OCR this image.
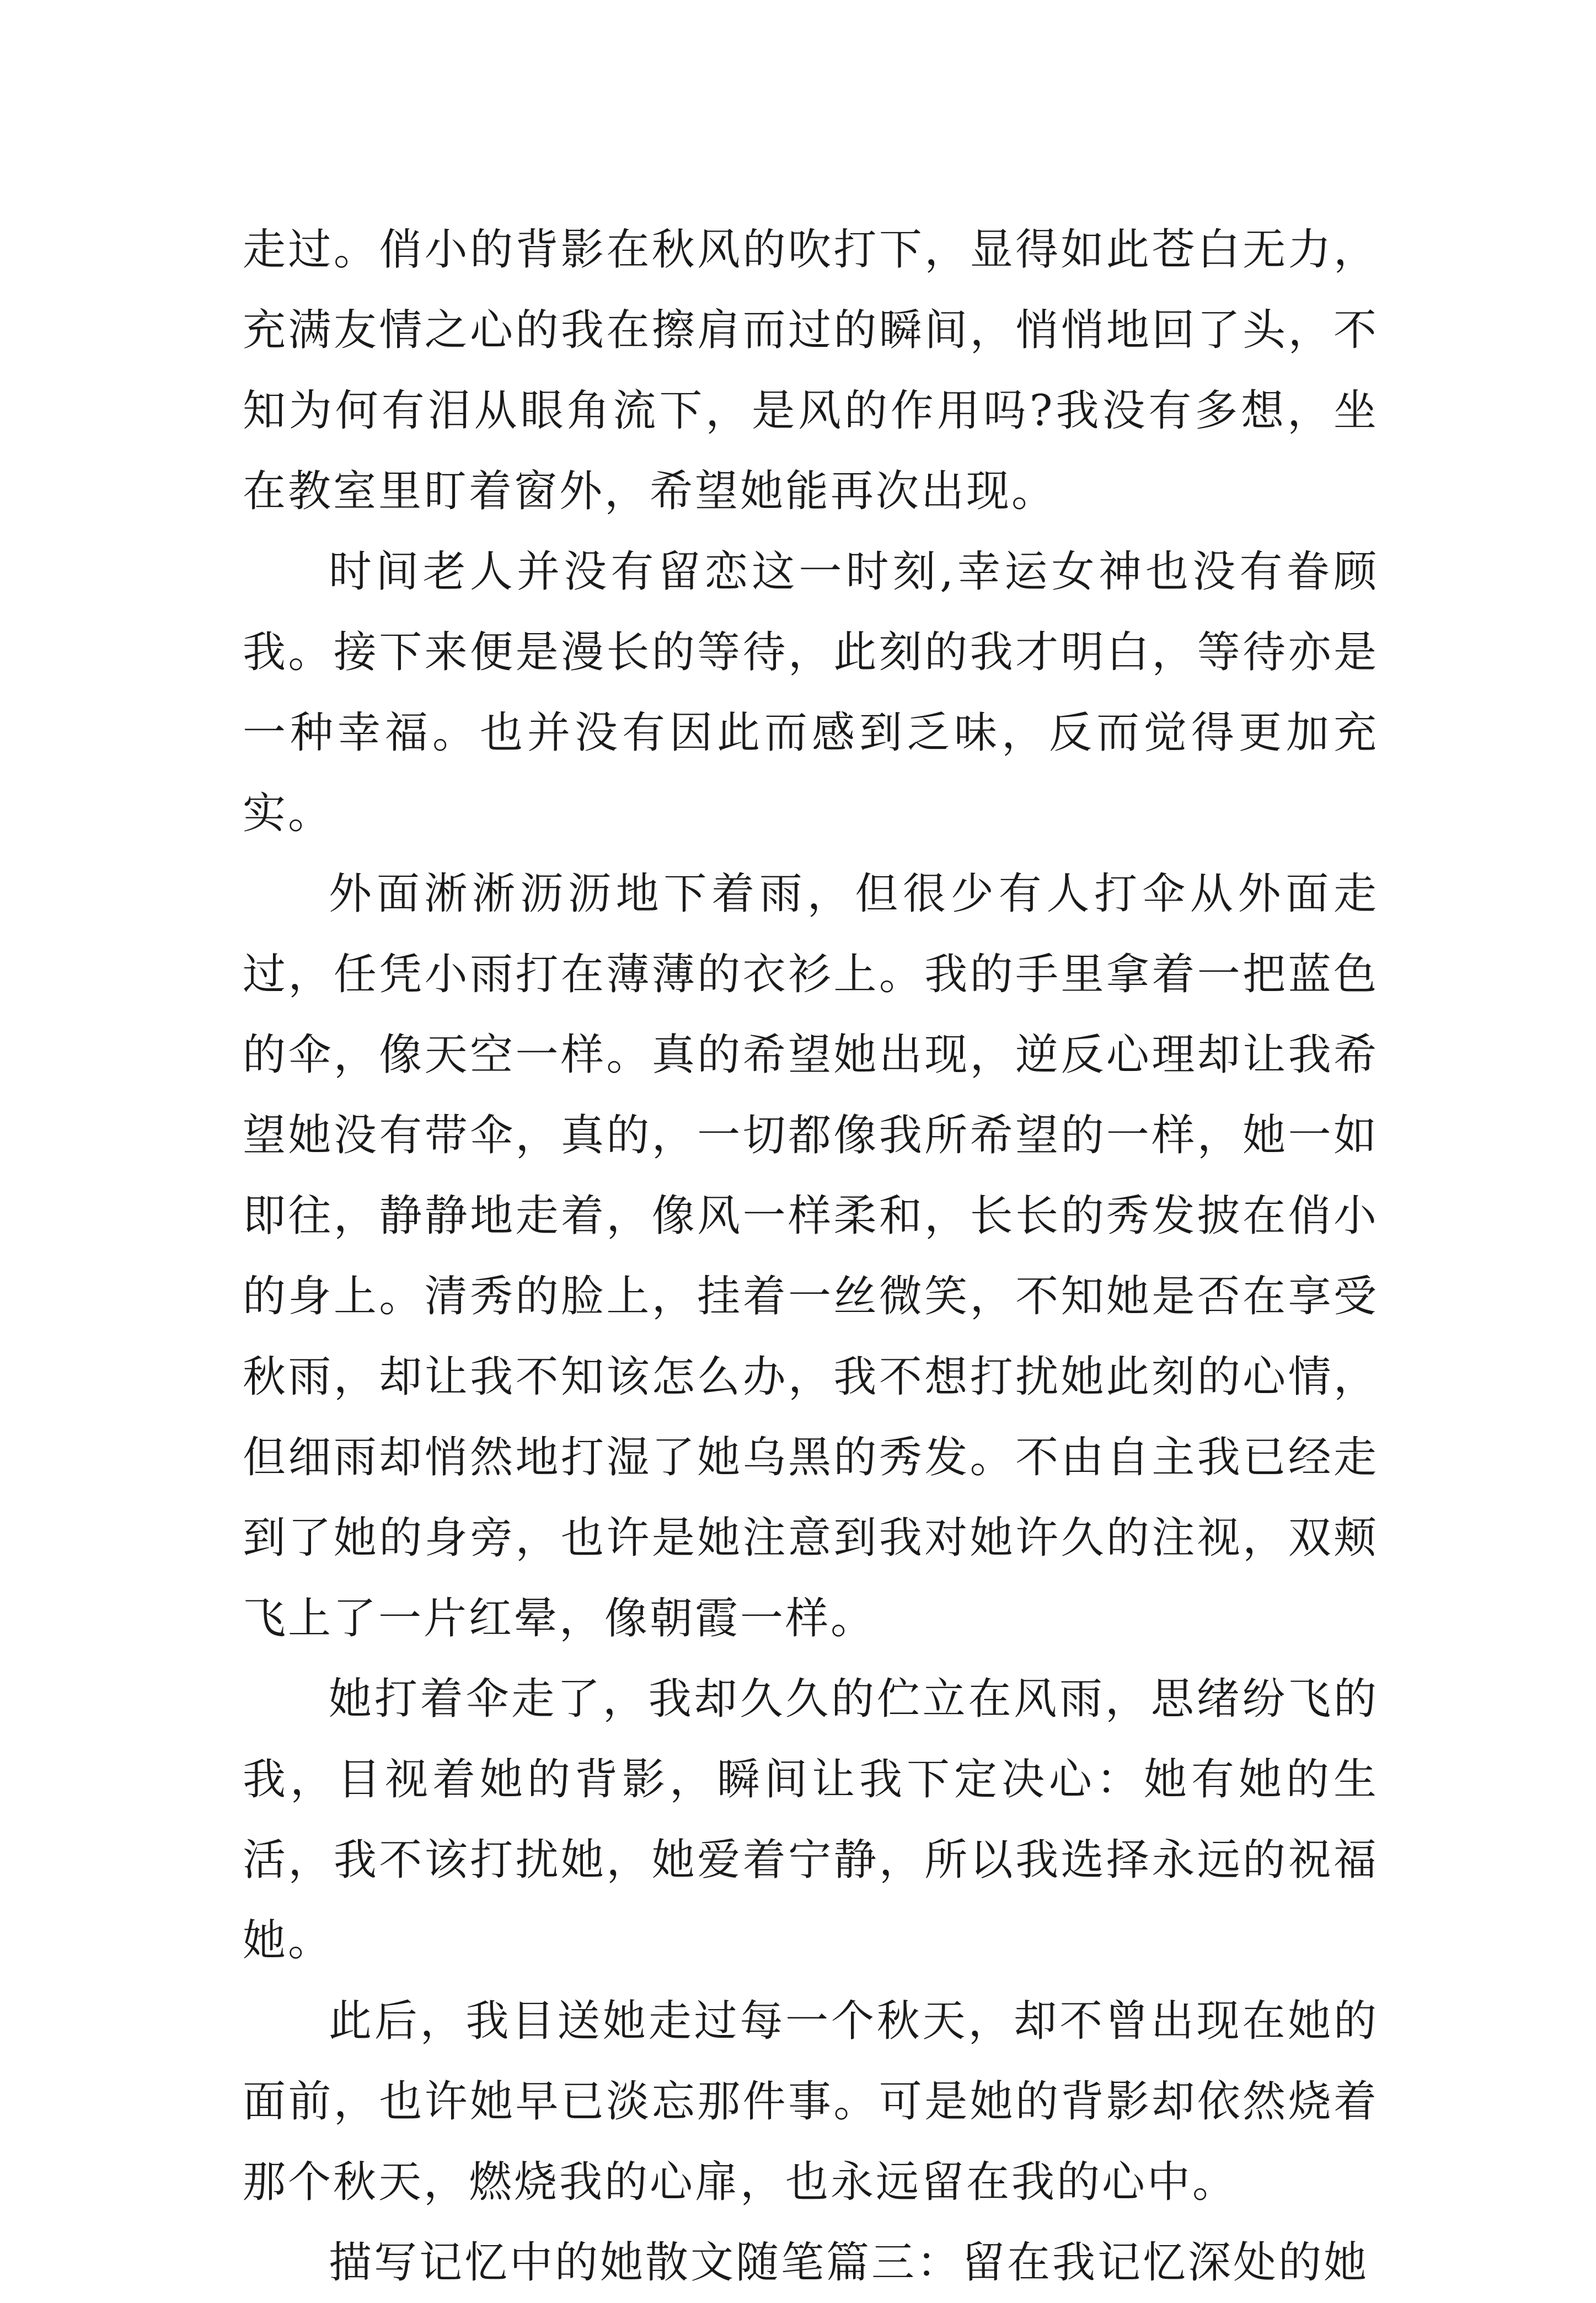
走过。俏小的背影在秋风的吹打下，显得如此苍白无力，充满友情之心的我在擦肩而过的瞬间，悄悄地回了头，不知为何有泪从眼角流下，是风的作用吗?我没有多想，坐在教室里盯着窗外，希望她能再次出现。

时间老人并没有留恋这一时刻,幸运女神也没有眷顾我。接下来便是漫长的等待，此刻的我才明白，等待亦是一种幸福。也并没有因此而感到乏味，反而觉得更加充实。

外面淅淅沥沥地下着雨，但很少有人打伞从外面走过，任凭小雨打在薄薄的衣衫上。我的手里拿着一把蓝色的伞，像天空一样。真的希望她出现，逆反心理却让我希望她没有带伞，真的，一切都像我所希望的一样，她一如即往，静静地走着，像风一样柔和，长长的秀发披在俏小的身上。清秀的脸上，挂着一丝微笑，不知她是否在享受秋雨，却让我不知该怎么办，我不想打扰她此刻的心情，但细雨却悄然地打湿了她乌黑的秀发。不由自主我已经走到了她的身旁，也许是她注意到我对她许久的注视，双颊飞上了一片红晕，像朝霞一样。

她打着伞走了，我却久久的伫立在风雨，思绪纷飞的我，目视着她的背影，瞬间让我下定决心：她有她的生活，我不该打扰她，她爱着宁静，所以我选择永远的祝福她。

此后，我目送她走过每一个秋天，却不曾出现在她的面前，也许她早已淡忘那件事。可是她的背影却依然烧着那个秋天，燃烧我的心扉，也永远留在我的心中。

描写记忆中的她散文随笔篇三：留在我记忆深处的她
